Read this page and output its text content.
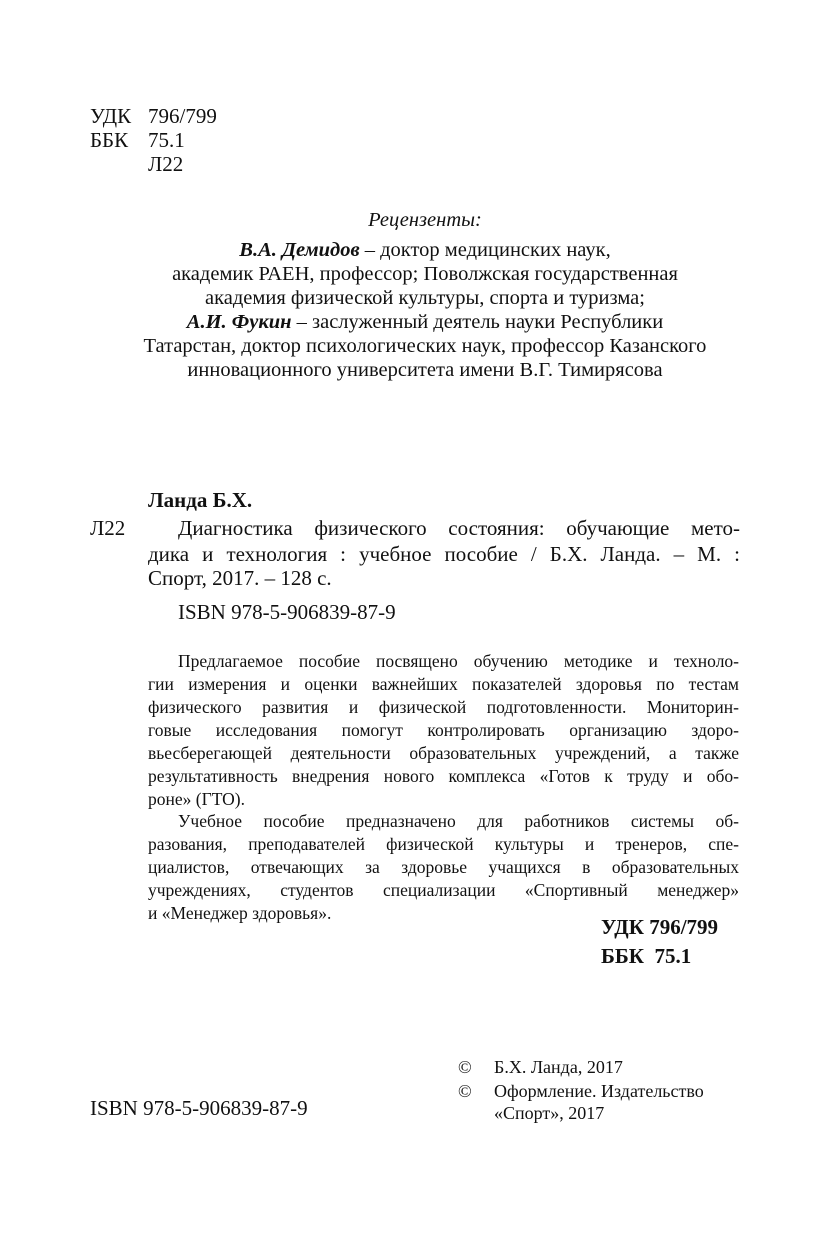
УДК 796/799
ББК 75.1
Л22
Рецензенты:
В.А. Демидов – доктор медицинских наук,
академик РАЕН, профессор; Поволжская государственная
академия физической культуры, спорта и туризма;
А.И. Фукин – заслуженный деятель науки Республики
Татарстан, доктор психологических наук, профессор Казанского
инновационного университета имени В.Г. Тимирясова
Ланда Б.Х.
Л22	Диагностика физического состояния: обучающие мето-
дика и технология : учебное пособие / Б.Х. Ланда. – М. :
Спорт, 2017. – 128 с.
ISBN 978-5-906839-87-9
Предлагаемое пособие посвящено обучению методике и техноло-
гии измерения и оценки важнейших показателей здоровья по тестам
физического развития и физической подготовленности. Мониторин-
говые исследования помогут контролировать организацию здоро-
вьесберегающей деятельности образовательных учреждений, а также
результативность внедрения нового комплекса «Готов к труду и обо-
роне» (ГТО).
Учебное пособие предназначено для работников системы об-
разования, преподавателей физической культуры и тренеров, спе-
циалистов, отвечающих за здоровье учащихся в образовательных
учреждениях, студентов специализации «Спортивный менеджер»
и «Менеджер здоровья».
УДК 796/799
ББК  75.1
© Б.Х. Ланда, 2017
© Оформление. Издательство
«Спорт», 2017
ISBN 978-5-906839-87-9
